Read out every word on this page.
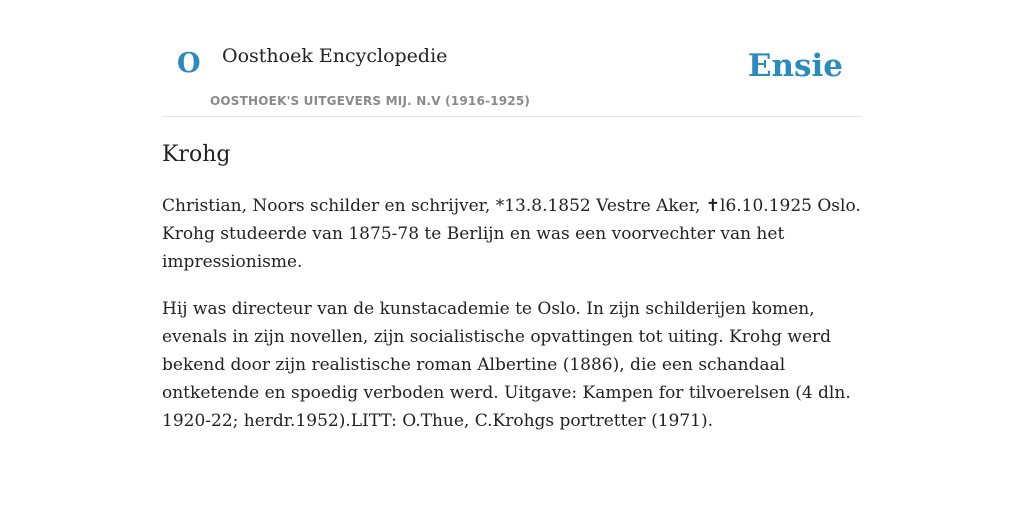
O Oosthoek Encyclopedie
OOSTHOEK'S UITGEVERS MIJ. N.V (1916-1925)
Ensie
Krohg

Christian, Noors schilder en schrijver, *13.8.1852 Vestre Aker, ✝l6.10.1925 Oslo. Krohg studeerde van 1875-78 te Berlijn en was een voorvechter van het impressionisme.

Hij was directeur van de kunstacademie te Oslo. In zijn schilderijen komen, evenals in zijn novellen, zijn socialistische opvattingen tot uiting. Krohg werd bekend door zijn realistische roman Albertine (1886), die een schandaal ontketende en spoedig verboden werd. Uitgave: Kampen for tilvoerelsen (4 dln. 1920-22; herdr.1952).LITT: O.Thue, C.Krohgs portretter (1971).
